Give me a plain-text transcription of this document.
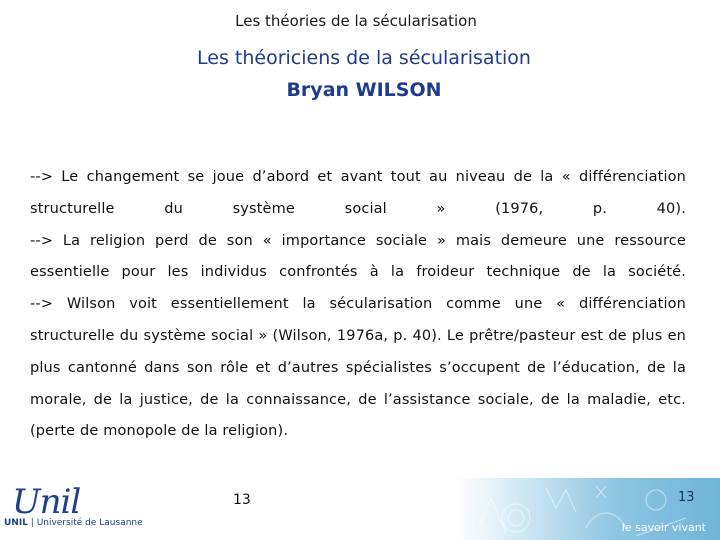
Les théories de la sécularisation
Les théoriciens de la sécularisation
Bryan WILSON

--> Le changement se joue d’abord et avant tout au niveau de la « différenciation structurelle du système social » (1976, p. 40).

--> La religion perd de son « importance sociale » mais demeure une ressource essentielle pour les individus confrontés à la froideur technique de la société.

--> Wilson voit essentiellement la sécularisation comme une « différenciation structurelle du système social » (Wilson, 1976a, p. 40). Le prêtre/pasteur est de plus en plus cantonné dans son rôle et d’autres spécialistes s’occupent de l’éducation, de la morale, de la justice, de la connaissance, de l’assistance sociale, de la maladie, etc. (perte de monopole de la religion).

Unil
UNIL | Université de Lausanne
13
le savoir vivant
13
